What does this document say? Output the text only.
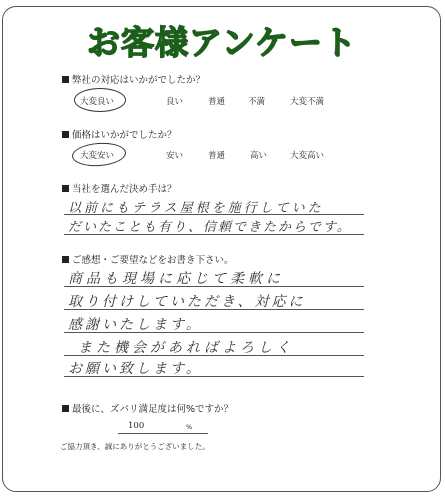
お客様アンケート
弊社の対応はいかがでしたか？
大変良い	良い	普通	不満	大変不満
価格はいかがでしたか？
大変安い	安い	普通	高い	大変高い
当社を選んだ決め手は？
以前にもテラス屋根を施行していた
だいたことも有り、信頼できたからです。
ご感想・ご要望などをお書き下さい。
商品も現場に応じて柔軟に
取り付けしていただき、対応に
感謝いたします。
また機会があればよろしく
お願い致します。
最後に、ズバリ満足度は何%ですか？
100	%
ご協力頂き、誠にありがとうございました。
